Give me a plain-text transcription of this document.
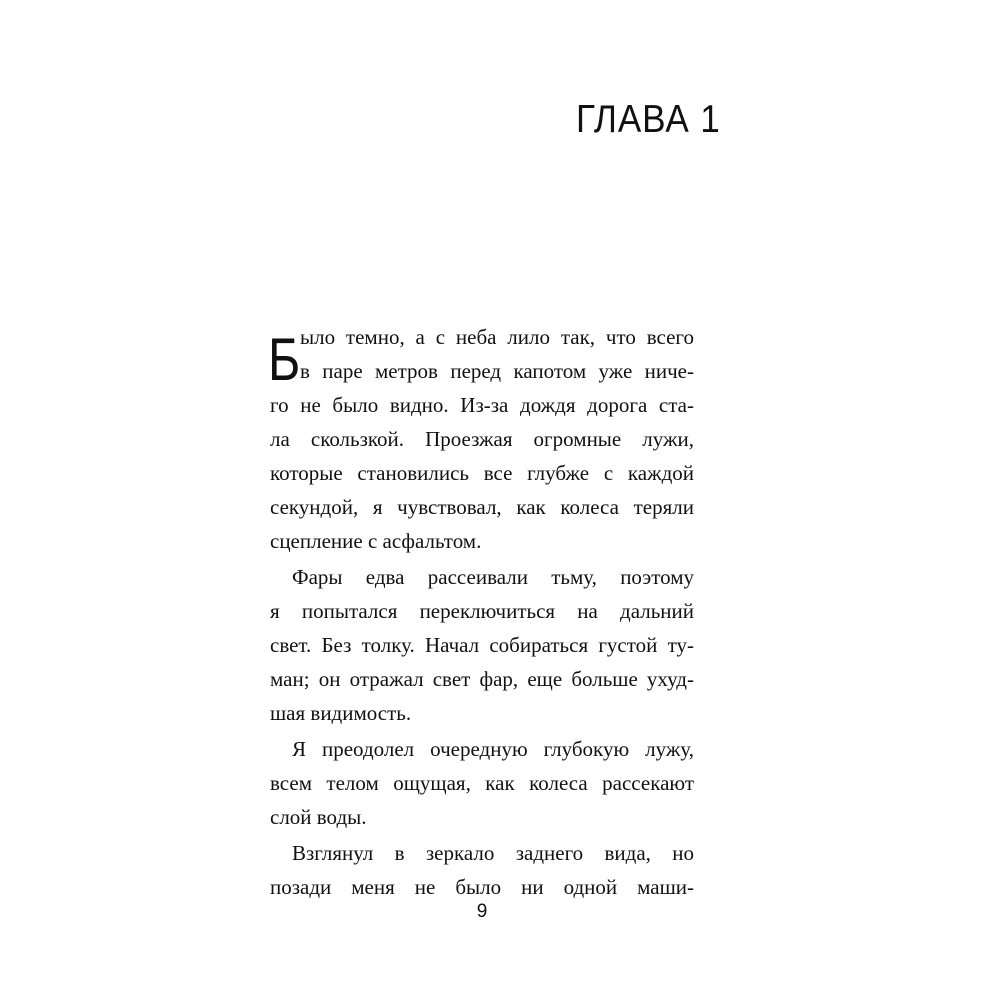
ГЛАВА 1
Б ыло темно, а с неба лило так, что всего
в паре метров перед капотом уже ниче-
го не было видно. Из-за дождя дорога ста-
ла скользкой. Проезжая огромные лужи,
которые становились все глубже с каждой
секундой, я чувствовал, как колеса теряли
сцепление с асфальтом.
Фары едва рассеивали тьму, поэтому
я попытался переключиться на дальний
свет. Без толку. Начал собираться густой ту-
ман; он отражал свет фар, еще больше ухуд-
шая видимость.
Я преодолел очередную глубокую лужу,
всем телом ощущая, как колеса рассекают
слой воды.
Взглянул в зеркало заднего вида, но
позади меня не было ни одной маши-
9
